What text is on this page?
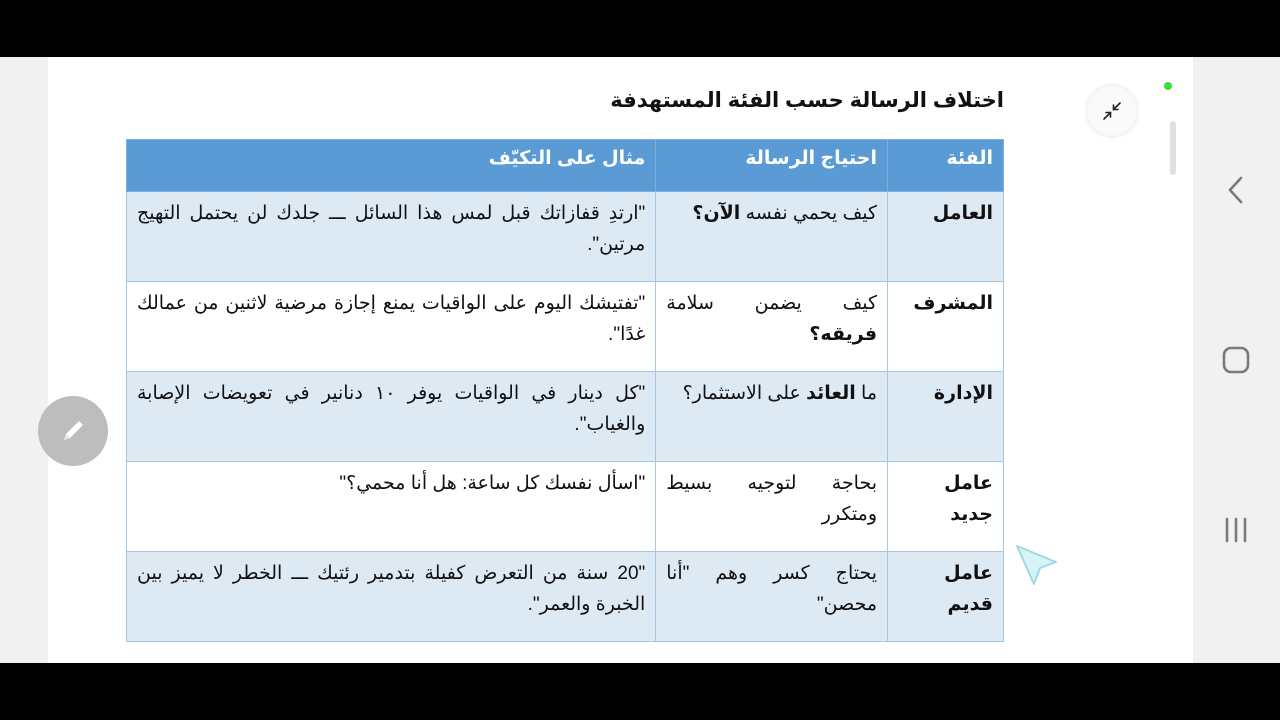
اختلاف الرسالة حسب الفئة المستهدفة
الفئة	احتياج الرسالة	مثال على التكيّف
العامل	كيف يحمي نفسه الآن؟	"ارتدِ قفازاتك قبل لمس هذا السائل ـــ جلدك لن يحتمل التهيج مرتين".
المشرف	كيف يضمن سلامة فريقه؟	"تفتيشك اليوم على الواقيات يمنع إجازة مرضية لاثنين من عمالك غدًا".
الإدارة	ما العائد على الاستثمار؟	"كل دينار في الواقيات يوفر ١٠ دنانير في تعويضات الإصابة والغياب".
عامل جديد	بحاجة لتوجيه بسيط ومتكرر	"اسأل نفسك كل ساعة: هل أنا محمي؟"
عامل قديم	يحتاج كسر وهم "أنا محصن"	"20 سنة من التعرض كفيلة بتدمير رئتيك ـــ الخطر لا يميز بين الخبرة والعمر".
